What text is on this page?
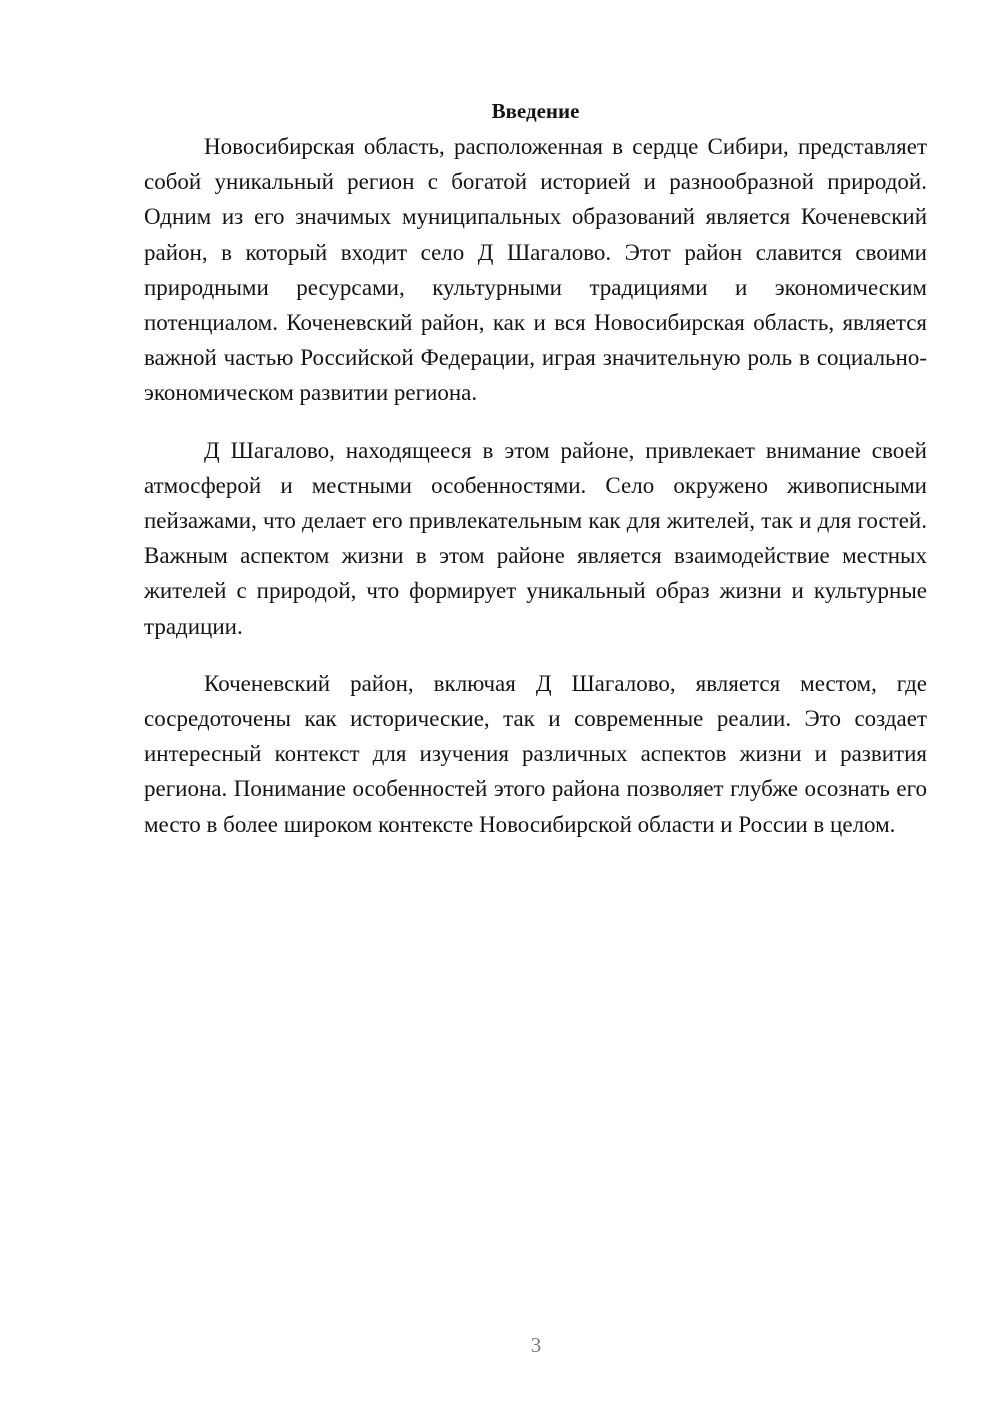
Введение

Новосибирская область, расположенная в сердце Сибири, представляет собой уникальный регион с богатой историей и разнообразной природой. Одним из его значимых муниципальных образований является Коченевский район, в который входит село Д Шагалово. Этот район славится своими природными ресурсами, культурными традициями и экономическим потенциалом. Коченевский район, как и вся Новосибирская область, является важной частью Российской Федерации, играя значительную роль в социально-экономическом развитии региона.

Д Шагалово, находящееся в этом районе, привлекает внимание своей атмосферой и местными особенностями. Село окружено живописными пейзажами, что делает его привлекательным как для жителей, так и для гостей. Важным аспектом жизни в этом районе является взаимодействие местных жителей с природой, что формирует уникальный образ жизни и культурные традиции.

Коченевский район, включая Д Шагалово, является местом, где сосредоточены как исторические, так и современные реалии. Это создает интересный контекст для изучения различных аспектов жизни и развития региона. Понимание особенностей этого района позволяет глубже осознать его место в более широком контексте Новосибирской области и России в целом.

3
